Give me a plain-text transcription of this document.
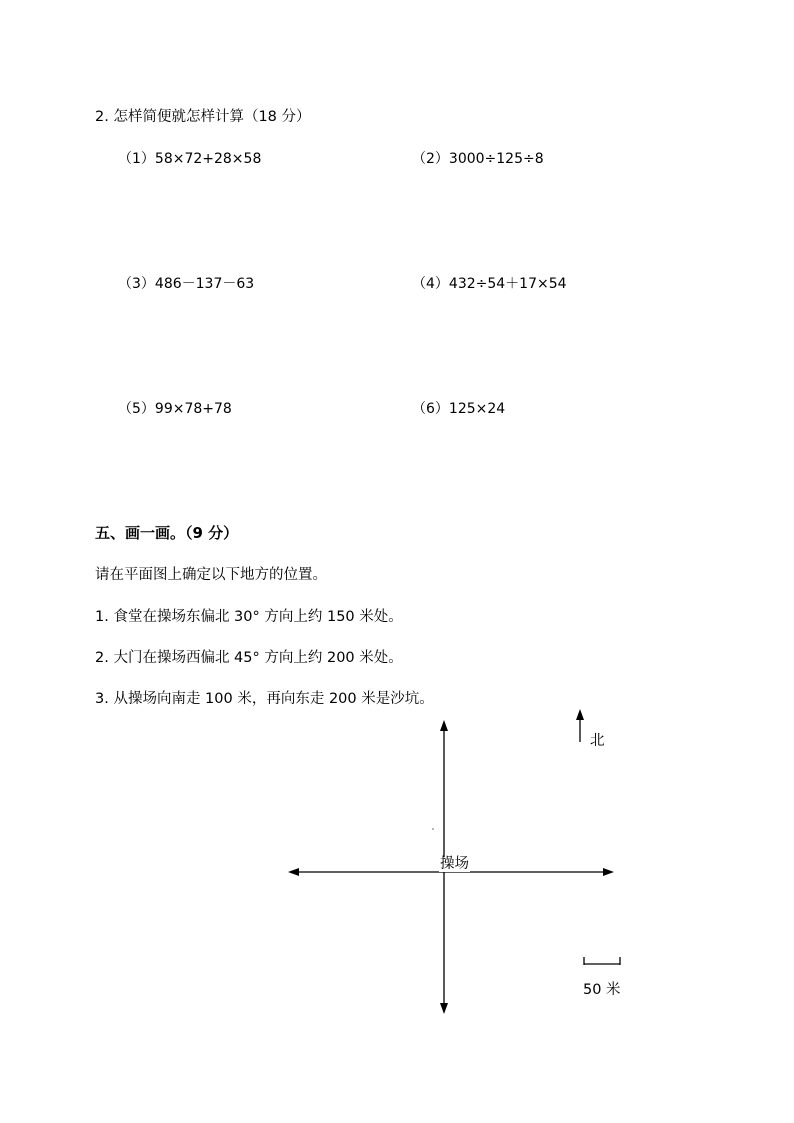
2. 怎样简便就怎样计算（18 分）
（1）58×72+28×58	（2）3000÷125÷8
（3）486－137－63	（4）432÷54＋17×54
（5）99×78+78	（6）125×24
五、画一画。（9 分）
请在平面图上确定以下地方的位置。
1. 食堂在操场东偏北 30° 方向上约 150 米处。
2. 大门在操场西偏北 45° 方向上约 200 米处。
3. 从操场向南走 100 米，再向东走 200 米是沙坑。
操场
北
50 米
